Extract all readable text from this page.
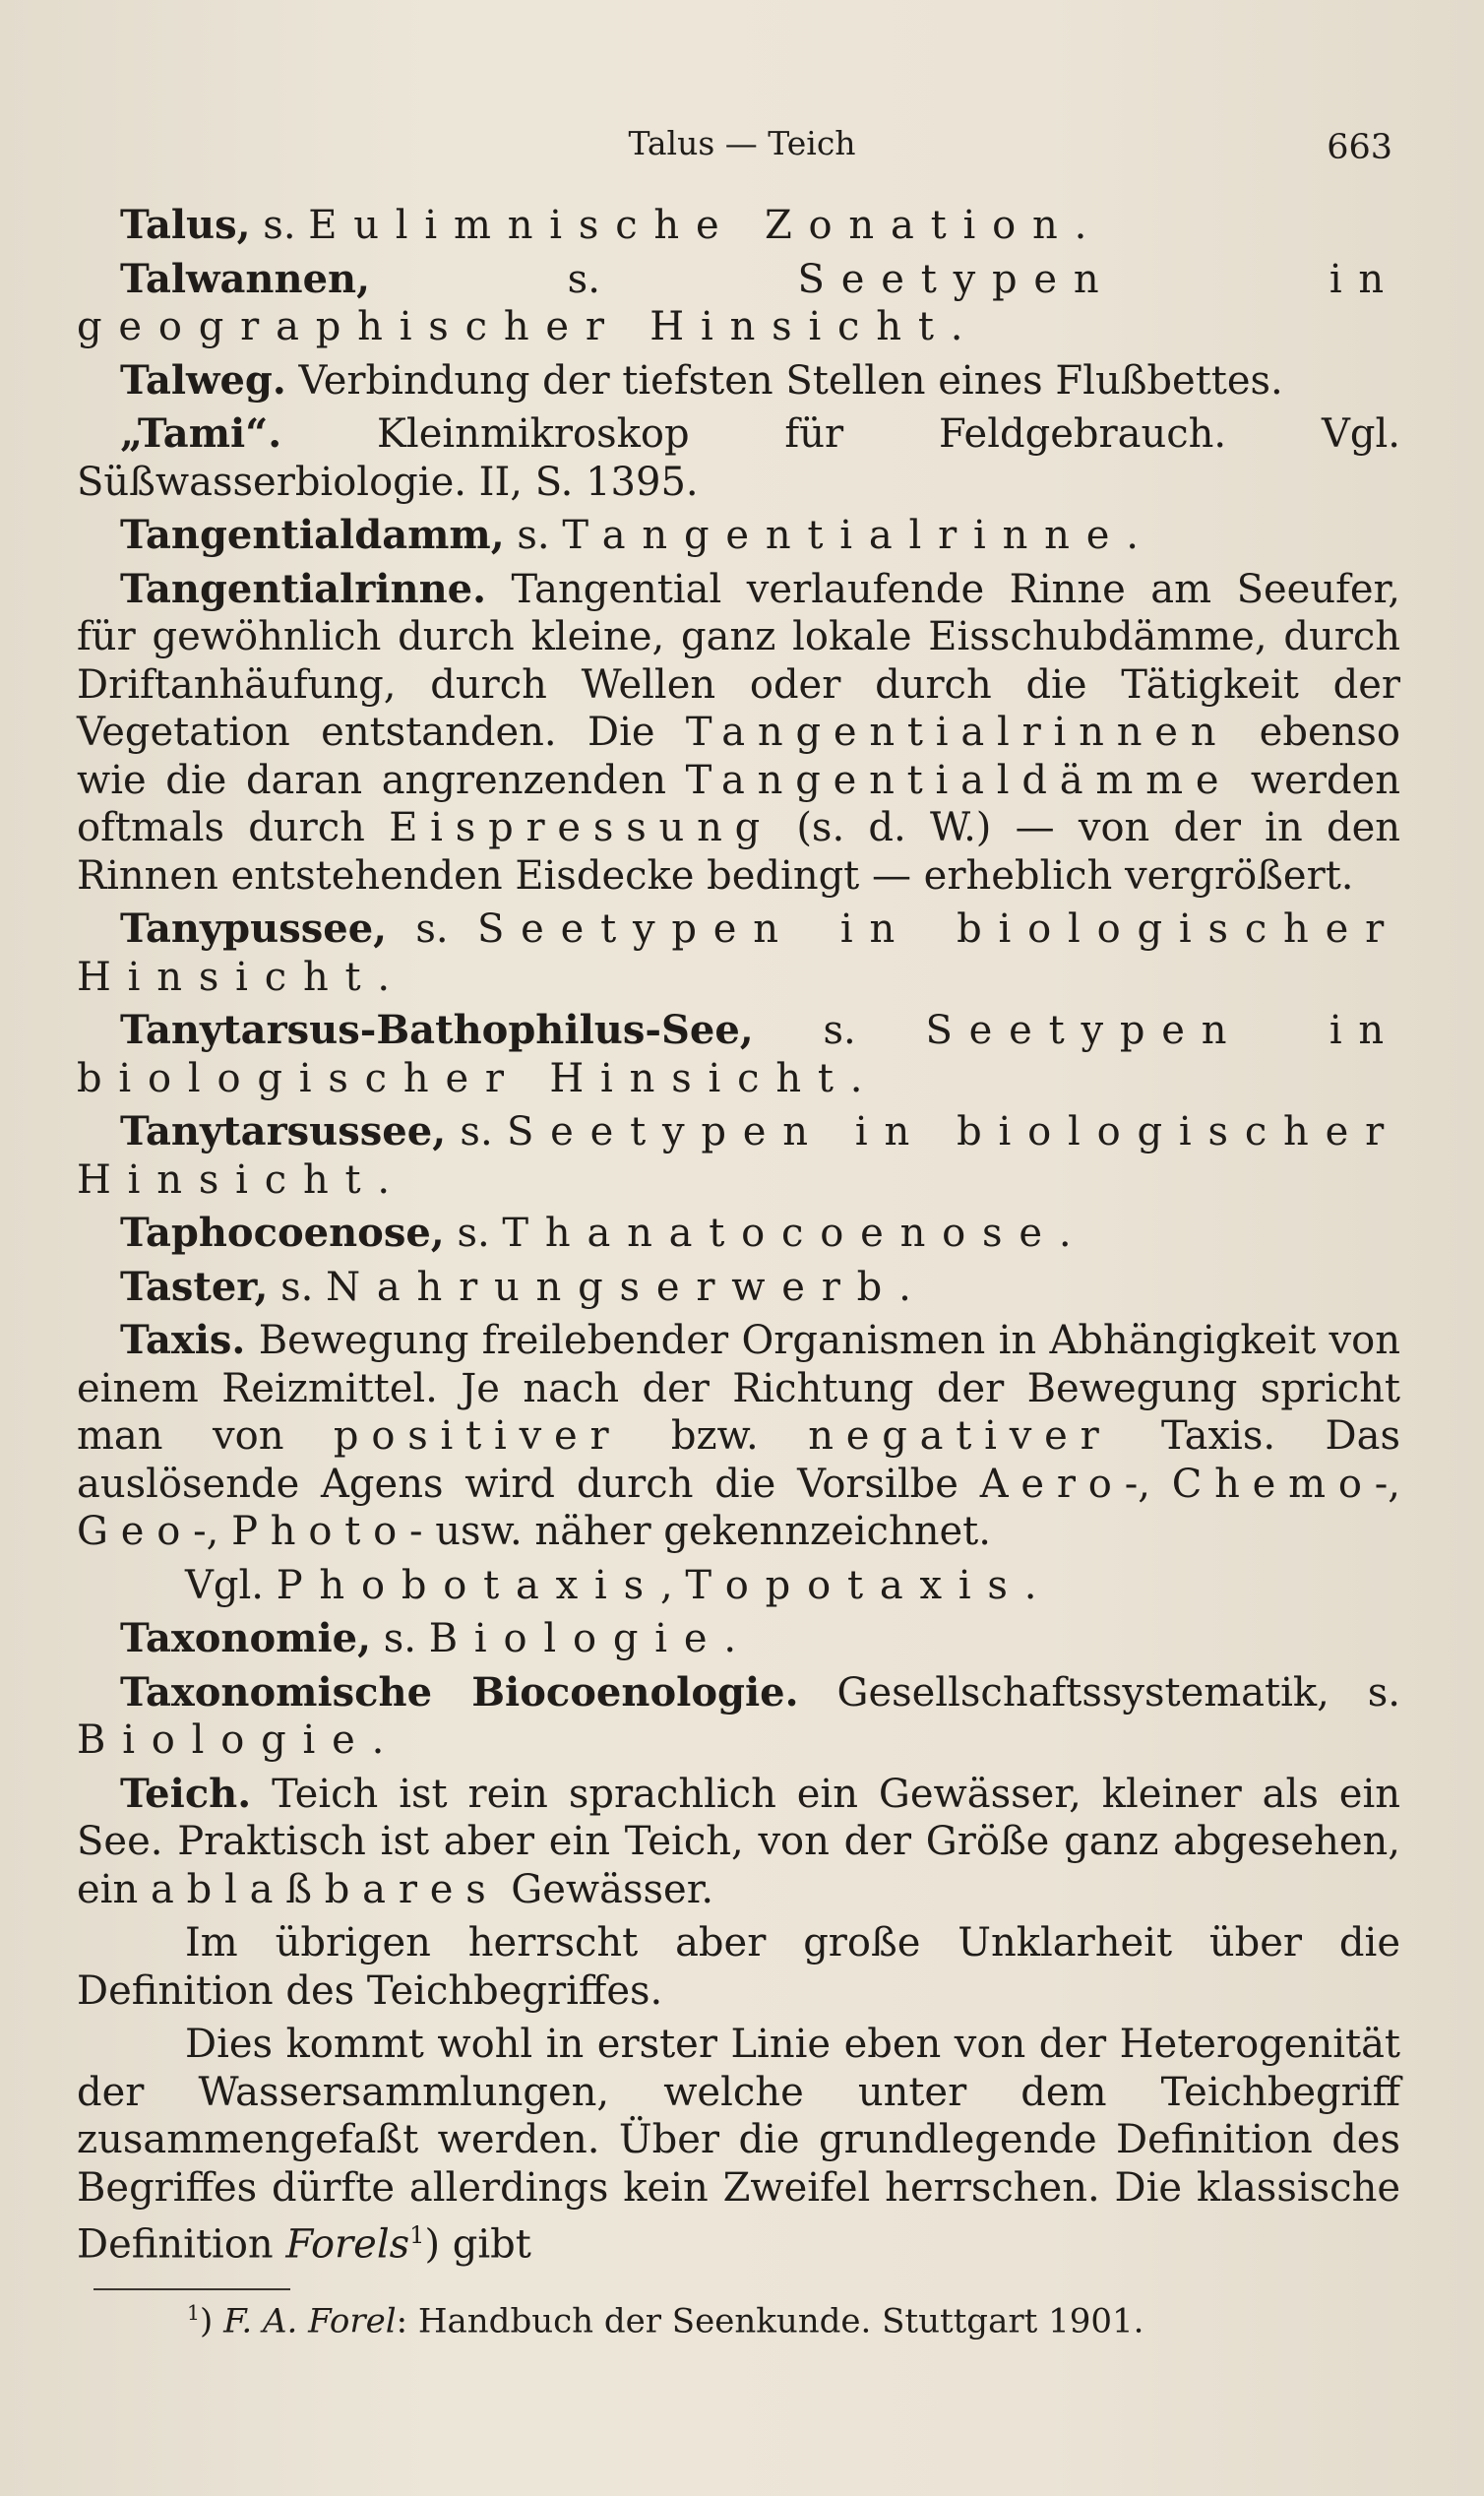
Talus — Teich	663

Talus, s. Eulimnische Zonation.

Talwannen, s. Seetypen in geographischer Hinsicht.

Talweg. Verbindung der tiefsten Stellen eines Flußbettes.

„Tami“. Kleinmikroskop für Feldgebrauch. Vgl. Süßwasserbiologie. II, S. 1395.

Tangentialdamm, s. Tangentialrinne.

Tangentialrinne. Tangential verlaufende Rinne am Seeufer, für gewöhnlich durch kleine, ganz lokale Eisschubdämme, durch Driftanhäufung, durch Wellen oder durch die Tätigkeit der Vegetation entstanden. Die Tangentialrinnen ebenso wie die daran angrenzenden Tangentialdämme werden oftmals durch Eispressung (s. d. W.) — von der in den Rinnen entstehenden Eisdecke bedingt — erheblich vergrößert.

Tanypussee, s. Seetypen in biologischer Hinsicht.

Tanytarsus-Bathophilus-See, s. Seetypen in biologischer Hinsicht.

Tanytarsussee, s. Seetypen in biologischer Hinsicht.

Taphocoenose, s. Thanatocoenose.

Taster, s. Nahrungserwerb.

Taxis. Bewegung freilebender Organismen in Abhängigkeit von einem Reizmittel. Je nach der Richtung der Bewegung spricht man von positiver bzw. negativer Taxis. Das auslösende Agens wird durch die Vorsilbe Aero-, Chemo-, Geo-, Photo- usw. näher gekennzeichnet.

Vgl. Phobotaxis, Topotaxis.

Taxonomie, s. Biologie.

Taxonomische Biocoenologie. Gesellschaftssystematik, s. Biologie.

Teich. Teich ist rein sprachlich ein Gewässer, kleiner als ein See. Praktisch ist aber ein Teich, von der Größe ganz abgesehen, ein ablaßbares Gewässer.

Im übrigen herrscht aber große Unklarheit über die Definition des Teichbegriffes.

Dies kommt wohl in erster Linie eben von der Heterogenität der Wassersammlungen, welche unter dem Teichbegriff zusammengefaßt werden. Über die grundlegende Definition des Begriffes dürfte allerdings kein Zweifel herrschen. Die klassische Definition Forels$^1$) gibt

$^1$) F. A. Forel: Handbuch der Seenkunde. Stuttgart 1901.
